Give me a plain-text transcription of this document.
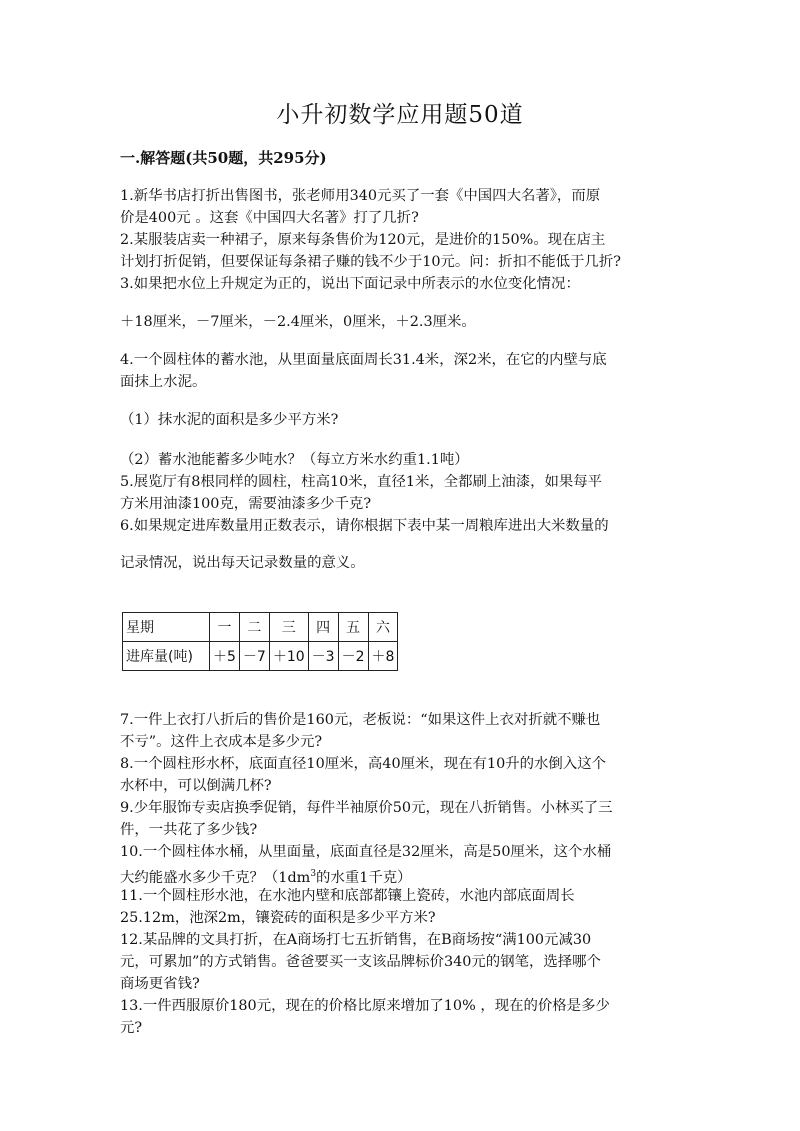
小升初数学应用题50道
一.解答题(共50题，共295分)
1.新华书店打折出售图书，张老师用340元买了一套《中国四大名著》，而原
价是400元 。这套《中国四大名著》打了几折?
2.某服装店卖一种裙子，原来每条售价为120元，是进价的150%。现在店主
计划打折促销，但要保证每条裙子赚的钱不少于10元。问：折扣不能低于几折?
3.如果把水位上升规定为正的，说出下面记录中所表示的水位变化情况：
＋18厘米，－7厘米，－2.4厘米，0厘米，＋2.3厘米。
4.一个圆柱体的蓄水池，从里面量底面周长31.4米，深2米，在它的内壁与底
面抹上水泥。
（1）抹水泥的面积是多少平方米?
（2）蓄水池能蓄多少吨水？（每立方米水约重1.1吨）
5.展览厅有8根同样的圆柱，柱高10米，直径1米，全都刷上油漆，如果每平
方米用油漆100克，需要油漆多少千克?
6.如果规定进库数量用正数表示，请你根据下表中某一周粮库进出大米数量的
记录情况，说出每天记录数量的意义。
星期	一	二	三	四	五	六
进库量(吨)	＋5	－7	＋10	－3	－2	＋8
7.一件上衣打八折后的售价是160元，老板说：“如果这件上衣对折就不赚也
不亏”。这件上衣成本是多少元?
8.一个圆柱形水杯，底面直径10厘米，高40厘米，现在有10升的水倒入这个
水杯中，可以倒满几杯?
9.少年服饰专卖店换季促销，每件半袖原价50元，现在八折销售。小林买了三
件，一共花了多少钱?
10.一个圆柱体水桶，从里面量，底面直径是32厘米，高是50厘米，这个水桶
大约能盛水多少千克？（$1dm^3$的水重1千克）
11.一个圆柱形水池，在水池内壁和底部都镶上瓷砖，水池内部底面周长
25.12m，池深2m，镶瓷砖的面积是多少平方米?
12.某品牌的文具打折，在A商场打七五折销售，在B商场按“满100元减30
元，可累加”的方式销售。爸爸要买一支该品牌标价340元的钢笔，选择哪个
商场更省钱?
13.一件西服原价180元，现在的价格比原来增加了10% ，现在的价格是多少
元?
